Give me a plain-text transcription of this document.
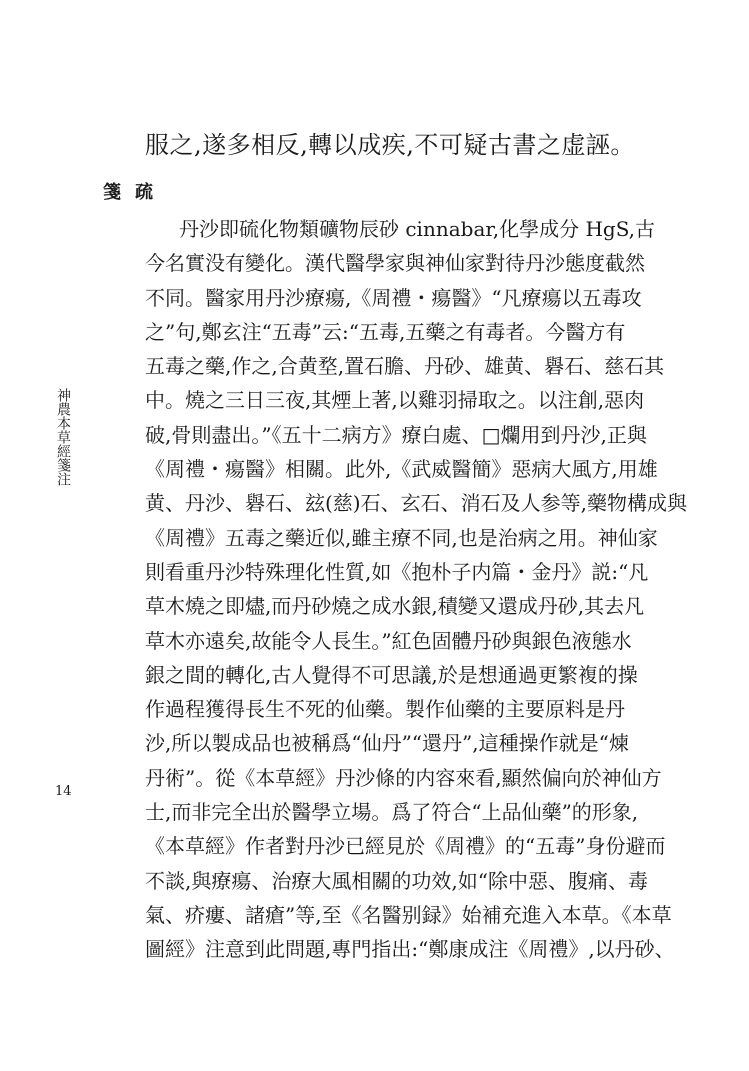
服之,遂多相反,轉以成疾,不可疑古書之虚誣。
箋疏
丹沙即硫化物類礦物辰砂 cinnabar,化學成分 HgS,古
今名實没有變化。漢代醫學家與神仙家對待丹沙態度截然
不同。醫家用丹沙療瘍,《周禮・瘍醫》“凡療瘍以五毒攻
之”句,鄭玄注“五毒”云:“五毒,五藥之有毒者。今醫方有
五毒之藥,作之,合黄堥,置石膽、丹砂、雄黄、礜石、慈石其
中。燒之三日三夜,其煙上著,以雞羽掃取之。以注創,惡肉
破,骨則盡出。”《五十二病方》療白處、□爛用到丹沙,正與
《周禮・瘍醫》相關。此外,《武威醫簡》惡病大風方,用雄
黄、丹沙、礜石、玆(慈)石、玄石、消石及人参等,藥物構成與
《周禮》五毒之藥近似,雖主療不同,也是治病之用。神仙家
則看重丹沙特殊理化性質,如《抱朴子内篇・金丹》説:“凡
草木燒之即燼,而丹砂燒之成水銀,積變又還成丹砂,其去凡
草木亦遠矣,故能令人長生。”紅色固體丹砂與銀色液態水
銀之間的轉化,古人覺得不可思議,於是想通過更繁複的操
作過程獲得長生不死的仙藥。製作仙藥的主要原料是丹
沙,所以製成品也被稱爲“仙丹”“還丹”,這種操作就是“煉
丹術”。從《本草經》丹沙條的内容來看,顯然偏向於神仙方
士,而非完全出於醫學立場。爲了符合“上品仙藥”的形象,
《本草經》作者對丹沙已經見於《周禮》的“五毒”身份避而
不談,與療瘍、治療大風相關的功效,如“除中惡、腹痛、毒
氣、疥瘻、諸瘡”等,至《名醫别録》始補充進入本草。《本草
圖經》注意到此問題,專門指出:“鄭康成注《周禮》,以丹砂、
神農本草經箋注
14
